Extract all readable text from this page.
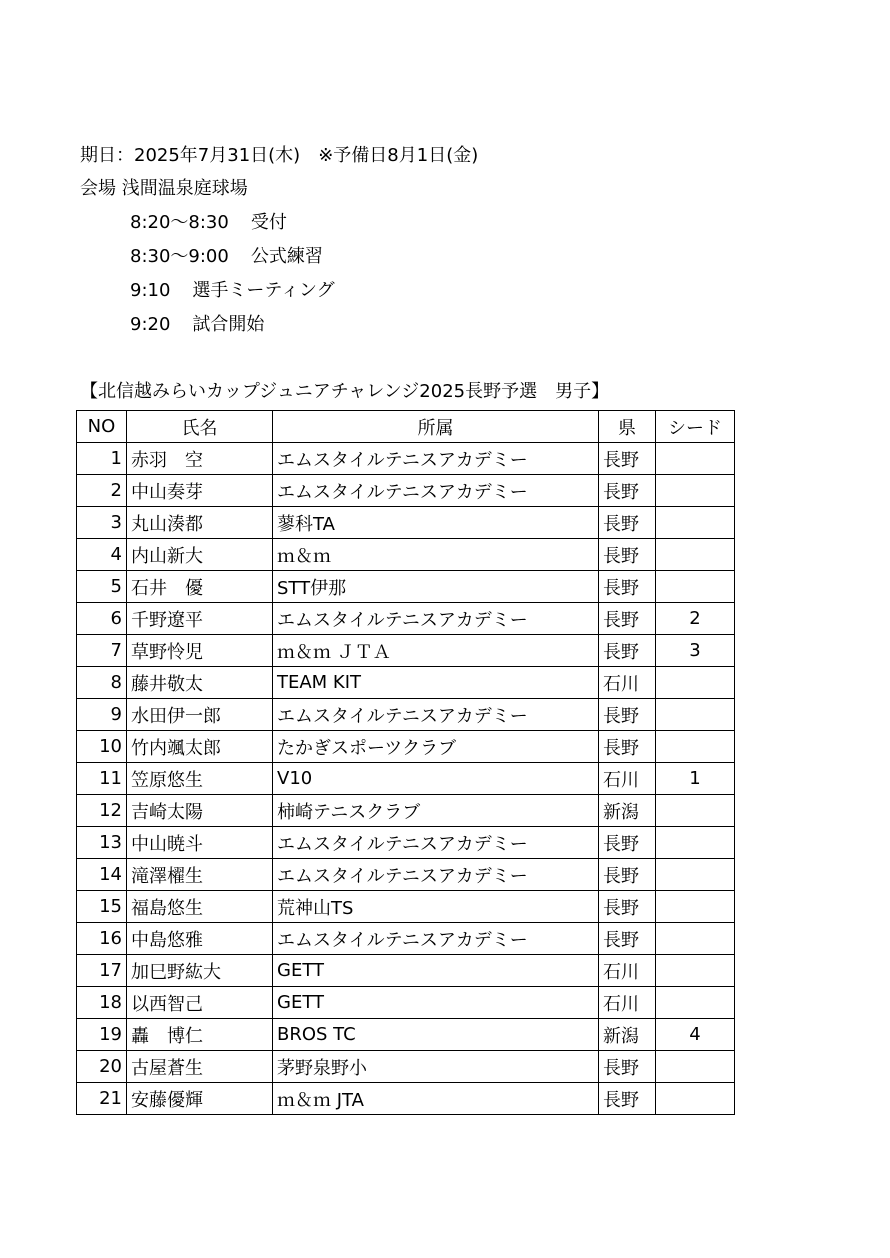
期日：2025年7月31日(木)　※予備日8月1日(金)
会場 浅間温泉庭球場
8:20～8:30 受付
8:30～9:00 公式練習
9:10 選手ミーティング
9:20 試合開始
【北信越みらいカップジュニアチャレンジ2025長野予選　男子】
NO	氏名	所属	県	シード
1	赤羽　空	エムスタイルテニスアカデミー	長野	
2	中山奏芽	エムスタイルテニスアカデミー	長野	
3	丸山湊都	蓼科TA	長野	
4	内山新大	ｍ＆ｍ	長野	
5	石井　優	STT伊那	長野	
6	千野遼平	エムスタイルテニスアカデミー	長野	2
7	草野怜児	ｍ＆ｍ ＪＴＡ	長野	3
8	藤井敬太	TEAM KIT	石川	
9	水田伊一郎	エムスタイルテニスアカデミー	長野	
10	竹内颯太郎	たかぎスポーツクラブ	長野	
11	笠原悠生	V10	石川	1
12	吉崎太陽	柿崎テニスクラブ	新潟	
13	中山暁斗	エムスタイルテニスアカデミー	長野	
14	滝澤櫂生	エムスタイルテニスアカデミー	長野	
15	福島悠生	荒神山TS	長野	
16	中島悠雅	エムスタイルテニスアカデミー	長野	
17	加巳野紘大	GETT	石川	
18	以西智己	GETT	石川	
19	轟　博仁	BROS TC	新潟	4
20	古屋蒼生	茅野泉野小	長野	
21	安藤優輝	ｍ＆ｍ JTA	長野	
